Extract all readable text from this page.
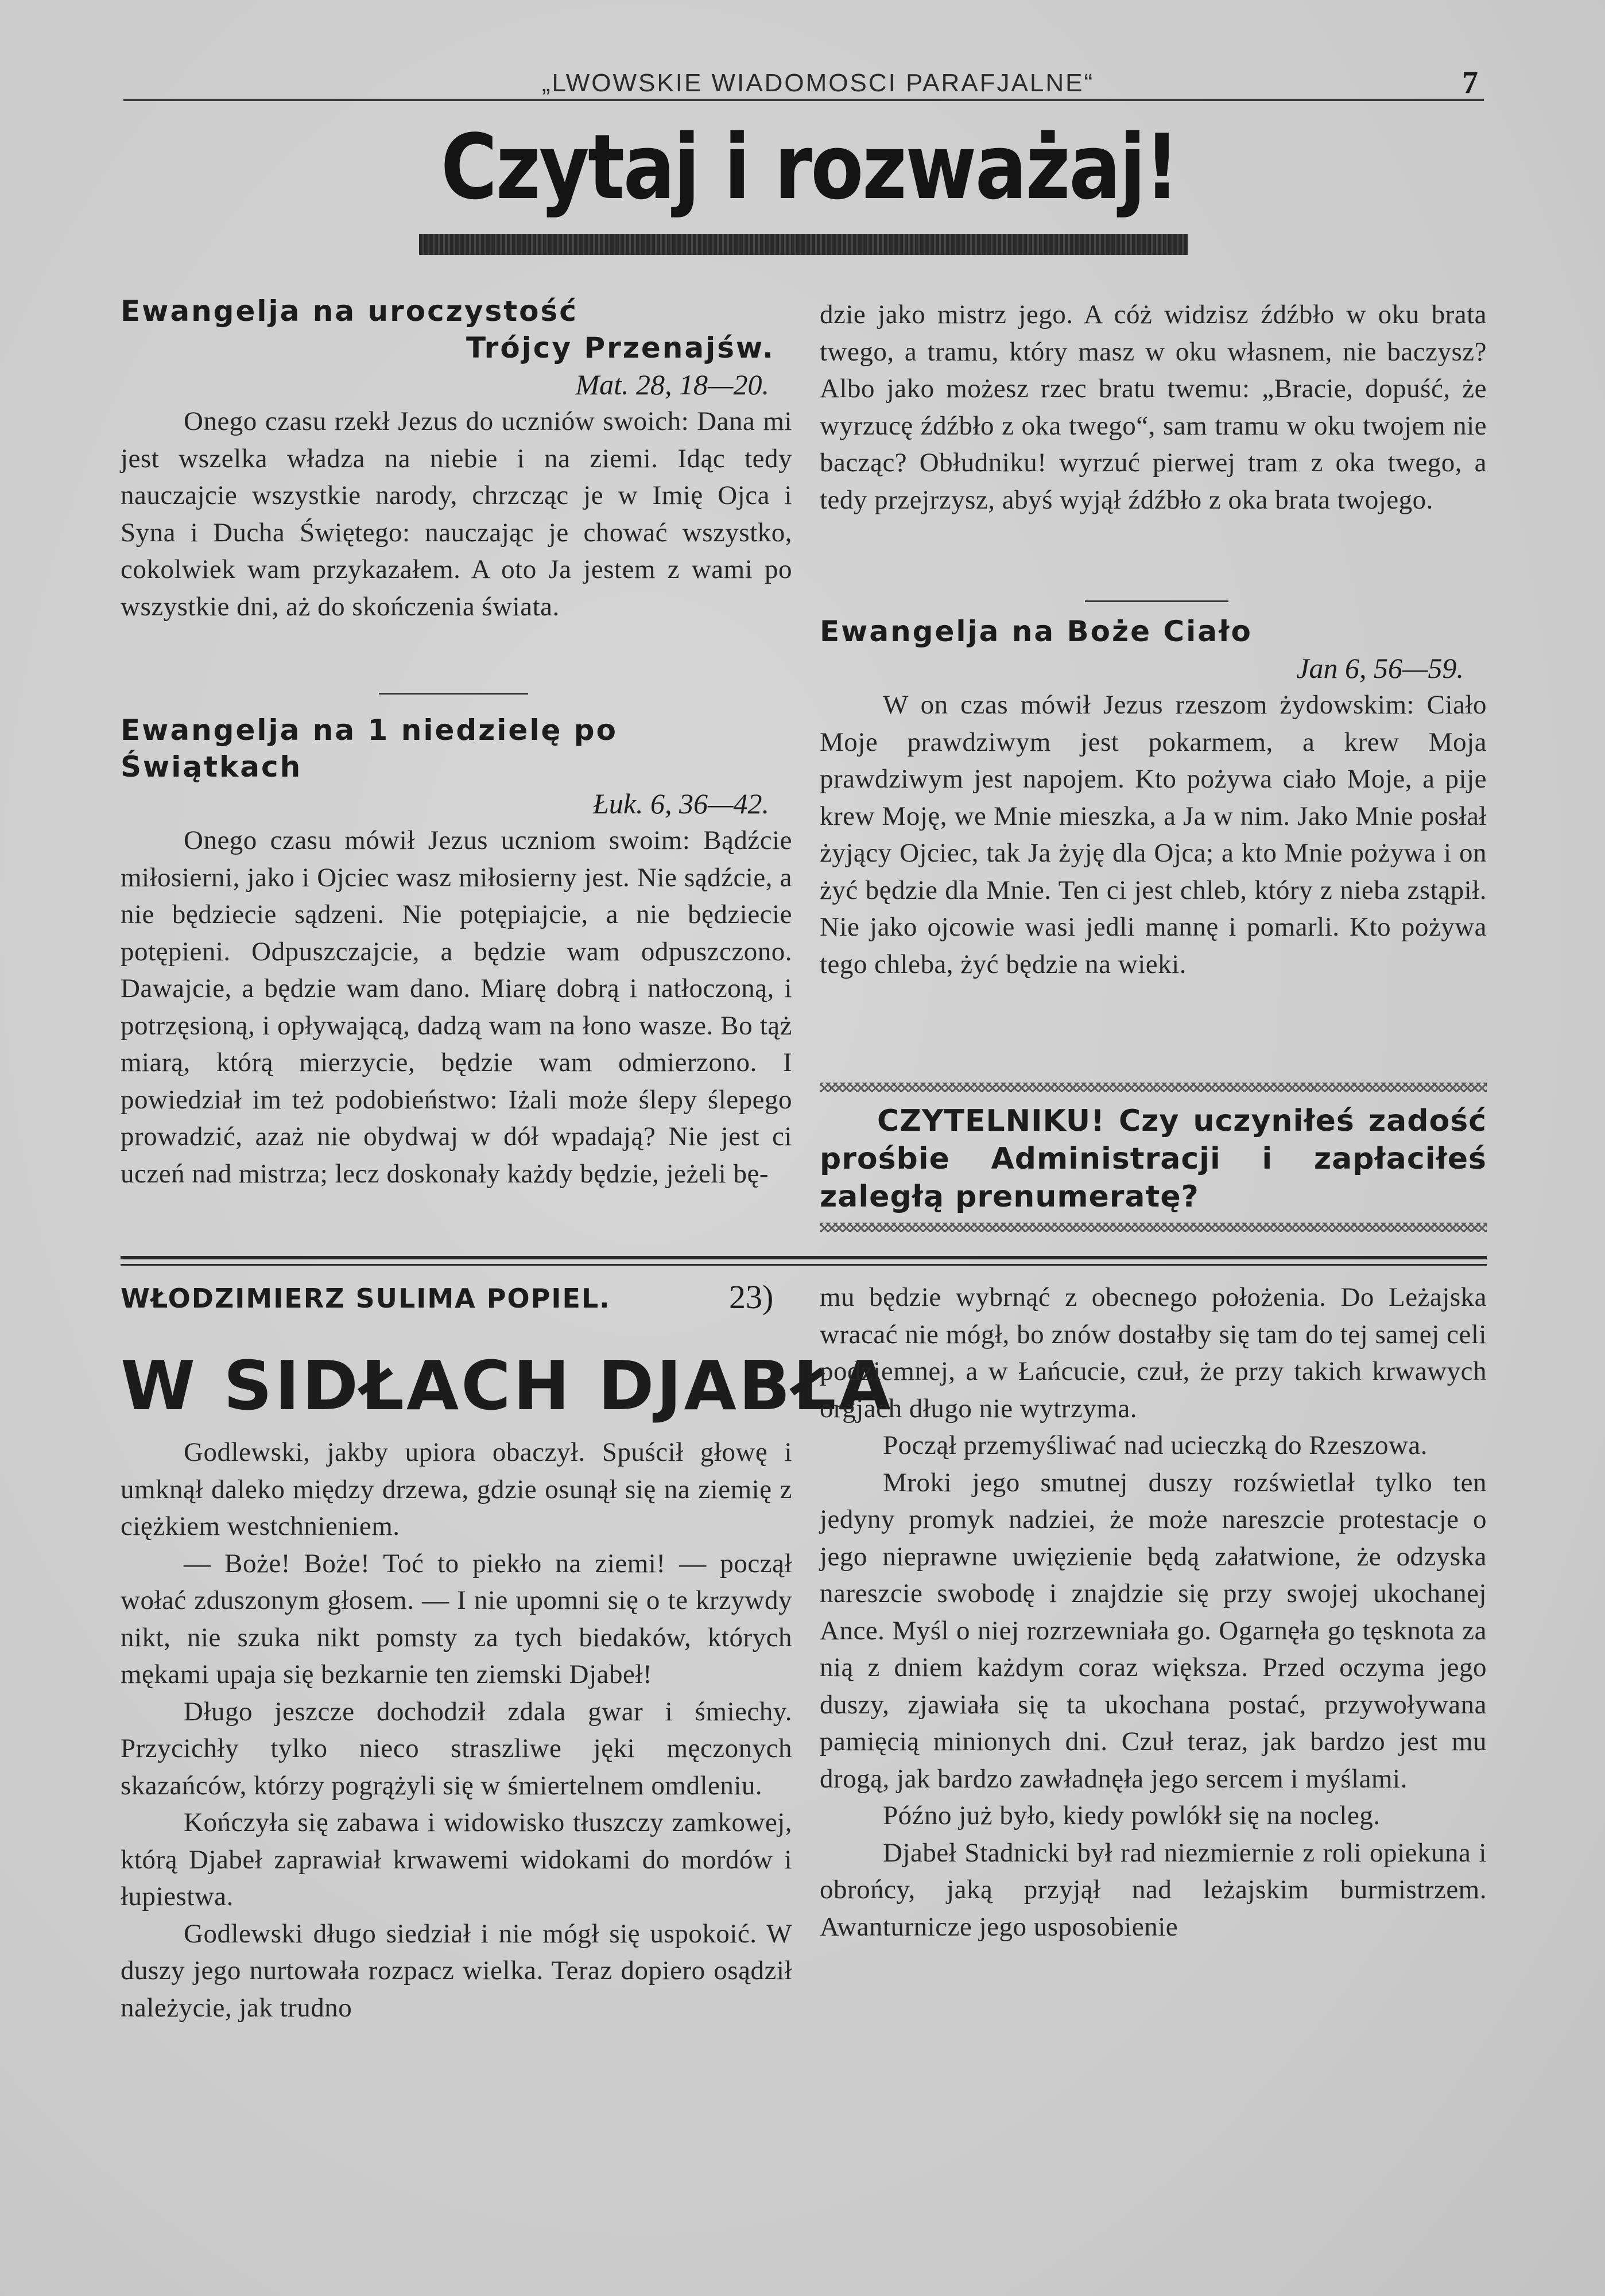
„LWOWSKIE WIADOMOSCI PARAFJALNE“	7
Czytaj i rozważaj!
Ewangelja na uroczystość
Trójcy Przenajśw.
Mat. 28, 18—20.

Onego czasu rzekł Jezus do uczniów swoich: Dana mi jest wszelka władza na niebie i na ziemi. Idąc tedy nauczajcie wszystkie narody, chrzcząc je w Imię Ojca i Syna i Ducha Świętego: nauczając je chować wszystko, cokolwiek wam przykazałem. A oto Ja jestem z wami po wszystkie dni, aż do skończenia świata.

Ewangelja na 1 niedzielę po Świątkach
Łuk. 6, 36—42.

Onego czasu mówił Jezus uczniom swoim: Bądźcie miłosierni, jako i Ojciec wasz miłosierny jest. Nie sądźcie, a nie będziecie sądzeni. Nie potępiajcie, a nie będziecie potępieni. Odpuszczajcie, a będzie wam odpuszczono. Dawajcie, a będzie wam dano. Miarę dobrą i natłoczoną, i potrzęsioną, i opływającą, dadzą wam na łono wasze. Bo tąż miarą, którą mierzycie, będzie wam odmierzono. I powiedział im też podobieństwo: Iżali może ślepy ślepego prowadzić, azaż nie obydwaj w dół wpadają? Nie jest ci uczeń nad mistrza; lecz doskonały każdy będzie, jeżeli bę-

dzie jako mistrz jego. A cóż widzisz źdźbło w oku brata twego, a tramu, który masz w oku własnem, nie baczysz? Albo jako możesz rzec bratu twemu: „Bracie, dopuść, że wyrzucę źdźbło z oka twego“, sam tramu w oku twojem nie bacząc? Obłudniku! wyrzuć pierwej tram z oka twego, a tedy przejrzysz, abyś wyjął źdźbło z oka brata twojego.

Ewangelja na Boże Ciało
Jan 6, 56—59.

W on czas mówił Jezus rzeszom żydowskim: Ciało Moje prawdziwym jest pokarmem, a krew Moja prawdziwym jest napojem. Kto pożywa ciało Moje, a pije krew Moję, we Mnie mieszka, a Ja w nim. Jako Mnie posłał żyjący Ojciec, tak Ja żyję dla Ojca; a kto Mnie pożywa i on żyć będzie dla Mnie. Ten ci jest chleb, który z nieba zstąpił. Nie jako ojcowie wasi jedli mannę i pomarli. Kto pożywa tego chleba, żyć będzie na wieki.

CZYTELNIKU! Czy uczyniłeś zadość prośbie Administracji i zapłaciłeś zaległą prenumeratę?
WŁODZIMIERZ SULIMA POPIEL.	23)
W SIDŁACH DJABŁA

Godlewski, jakby upiora obaczył. Spuścił głowę i umknął daleko między drzewa, gdzie osunął się na ziemię z ciężkiem westchnieniem.

— Boże! Boże! Toć to piekło na ziemi! — począł wołać zduszonym głosem. — I nie upomni się o te krzywdy nikt, nie szuka nikt pomsty za tych biedaków, których mękami upaja się bezkarnie ten ziemski Djabeł!

Długo jeszcze dochodził zdala gwar i śmiechy. Przycichły tylko nieco straszliwe jęki męczonych skazańców, którzy pogrążyli się w śmiertelnem omdleniu.

Kończyła się zabawa i widowisko tłuszczy zamkowej, którą Djabeł zaprawiał krwawemi widokami do mordów i łupiestwa.

Godlewski długo siedział i nie mógł się uspokoić. W duszy jego nurtowała rozpacz wielka. Teraz dopiero osądził należycie, jak trudno

mu będzie wybrnąć z obecnego położenia. Do Leżajska wracać nie mógł, bo znów dostałby się tam do tej samej celi podziemnej, a w Łańcucie, czuł, że przy takich krwawych orgjach długo nie wytrzyma.

Począł przemyśliwać nad ucieczką do Rzeszowa.

Mroki jego smutnej duszy rozświetlał tylko ten jedyny promyk nadziei, że może nareszcie protestacje o jego nieprawne uwięzienie będą załatwione, że odzyska nareszcie swobodę i znajdzie się przy swojej ukochanej Ance. Myśl o niej rozrzewniała go. Ogarnęła go tęsknota za nią z dniem każdym coraz większa. Przed oczyma jego duszy, zjawiała się ta ukochana postać, przywoływana pamięcią minionych dni. Czuł teraz, jak bardzo jest mu drogą, jak bardzo zawładnęła jego sercem i myślami.

Późno już było, kiedy powlókł się na nocleg.

Djabeł Stadnicki był rad niezmiernie z roli opiekuna i obrońcy, jaką przyjął nad leżajskim burmistrzem. Awanturnicze jego usposobienie
